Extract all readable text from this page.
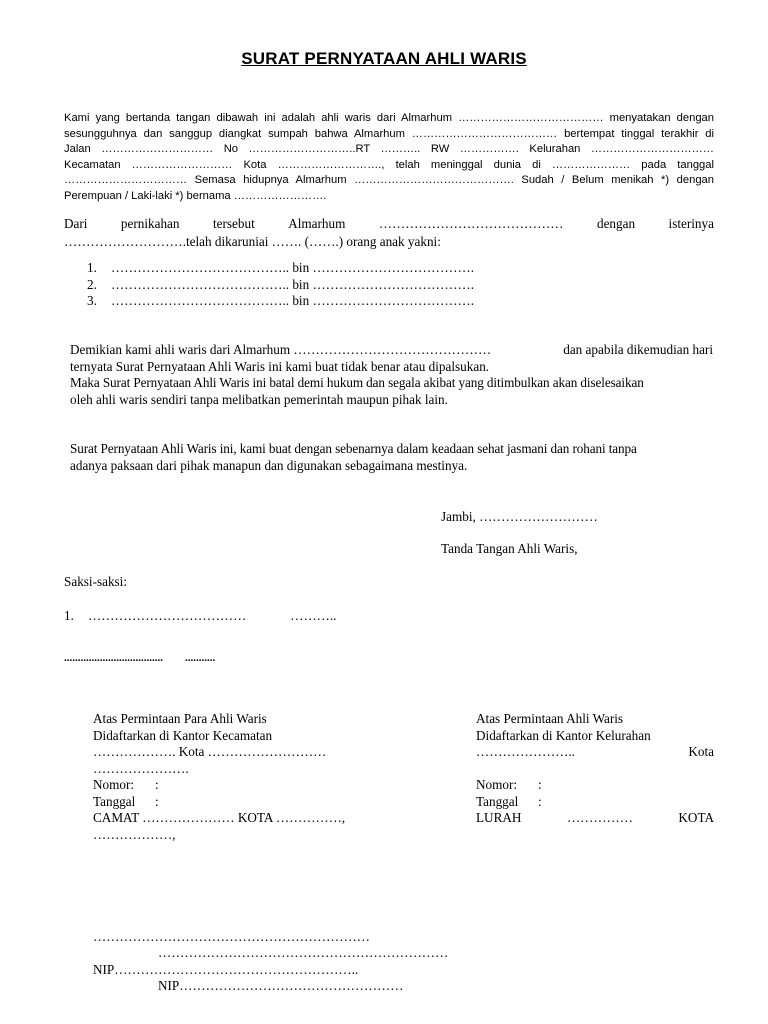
SURAT PERNYATAAN AHLI WARIS
Kami yang bertanda tangan dibawah ini adalah ahli waris dari Almarhum ………………………………… menyatakan dengan
sesungguhnya dan sanggup diangkat sumpah bahwa Almarhum ………………………………… bertempat tinggal terakhir di
Jalan ………………………… No ………………………..RT ……….. RW ……………. Kelurahan ……………………………
Kecamatan ……………………… Kota ………………………., telah meninggal dunia di ………………… pada tanggal
…………………………… Semasa hidupnya Almarhum ……………………………………. Sudah / Belum menikah *) dengan
Perempuan / Laki-laki *) bernama …………………….
Dari	pernikahan	tersebut	Almarhum	……………………………………	dengan	isterinya
……………………….telah dikaruniai ……. (…….) orang anak yakni:
1. ………………………………….. bin ……………………………….
2. ………………………………….. bin ……………………………….
3. ………………………………….. bin ……………………………….
Demikian kami ahli waris dari Almarhum ………………………………………	dan apabila dikemudian hari
ternyata Surat Pernyataan Ahli Waris ini kami buat tidak benar atau dipalsukan.
Maka Surat Pernyataan Ahli Waris ini batal demi hukum dan segala akibat yang ditimbulkan akan diselesaikan
oleh ahli waris sendiri tanpa melibatkan pemerintah maupun pihak lain.
Surat Pernyataan Ahli Waris ini, kami buat dengan sebenarnya dalam keadaan sehat jasmani dan rohani tanpa
adanya paksaan dari pihak manapun dan digunakan sebagaimana mestinya.
Jambi, ………………………
Tanda Tangan Ahli Waris,
Saksi-saksi:
1. ………………………………	………..
.................................... ...........
Atas Permintaan Para Ahli Waris
Didaftarkan di Kantor Kecamatan
………………. Kota ………………………
………………….
Nomor: :
Tanggal :
CAMAT ………………… KOTA ……………,
………………,
Atas Permintaan Ahli Waris
Didaftarkan di Kantor Kelurahan
…………………..	Kota
Nomor: :
Tanggal :
LURAH	……………	KOTA
………………………………………………………
…………………………………………………………
NIP………………………………………………..
NIP……………………………………………
